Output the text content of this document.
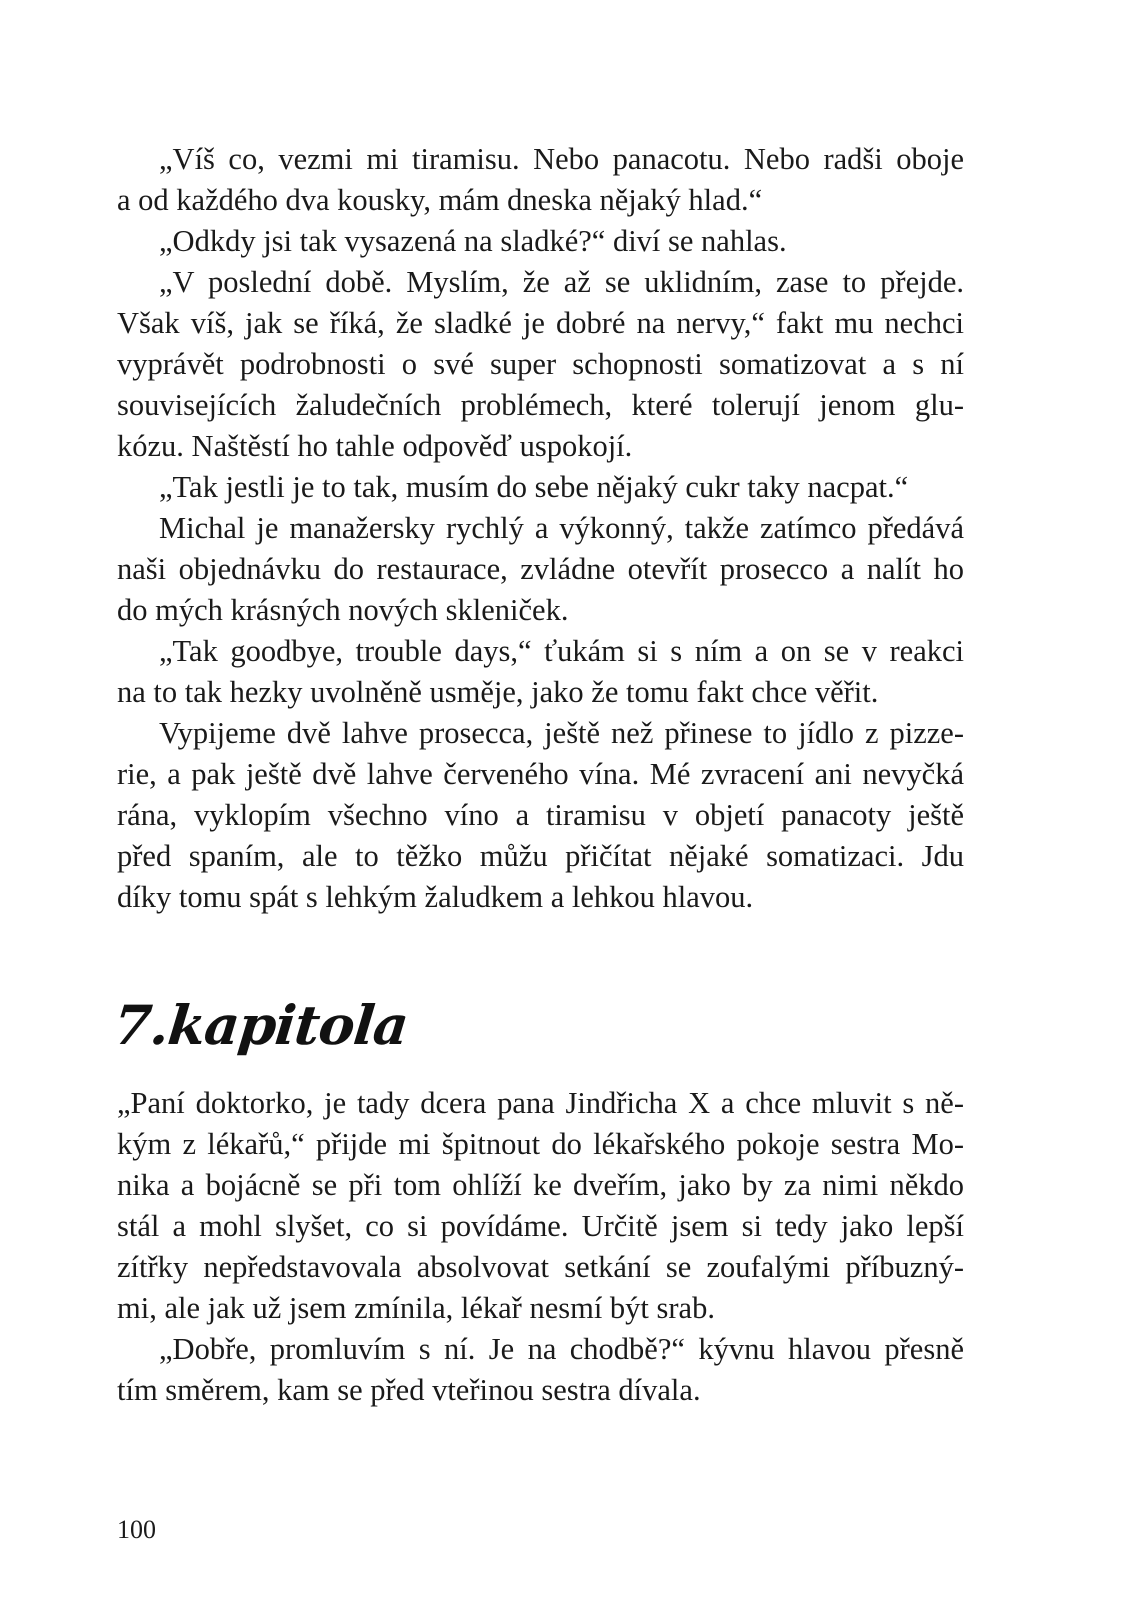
„Víš co, vezmi mi tiramisu. Nebo panacotu. Nebo radši oboje
a od každého dva kousky, mám dneska nějaký hlad.“
„Odkdy jsi tak vysazená na sladké?“ diví se nahlas.
„V poslední době. Myslím, že až se uklidním, zase to přejde.
Však víš, jak se říká, že sladké je dobré na nervy,“ fakt mu nechci
vyprávět podrobnosti o své super schopnosti somatizovat a s ní
souvisejících žaludečních problémech, které tolerují jenom glu-
kózu. Naštěstí ho tahle odpověď uspokojí.
„Tak jestli je to tak, musím do sebe nějaký cukr taky nacpat.“
Michal je manažersky rychlý a výkonný, takže zatímco předává
naši objednávku do restaurace, zvládne otevřít prosecco a nalít ho
do mých krásných nových skleniček.
„Tak goodbye, trouble days,“ ťukám si s ním a on se v reakci
na to tak hezky uvolněně usměje, jako že tomu fakt chce věřit.
Vypijeme dvě lahve prosecca, ještě než přinese to jídlo z pizze-
rie, a pak ještě dvě lahve červeného vína. Mé zvracení ani nevyčká
rána, vyklopím všechno víno a tiramisu v objetí panacoty ještě
před spaním, ale to těžko můžu přičítat nějaké somatizaci. Jdu
díky tomu spát s lehkým žaludkem a lehkou hlavou.
7.kapitola
„Paní doktorko, je tady dcera pana Jindřicha X a chce mluvit s ně-
kým z lékařů,“ přijde mi špitnout do lékařského pokoje sestra Mo-
nika a bojácně se při tom ohlíží ke dveřím, jako by za nimi někdo
stál a mohl slyšet, co si povídáme. Určitě jsem si tedy jako lepší
zítřky nepředstavovala absolvovat setkání se zoufalými příbuzný-
mi, ale jak už jsem zmínila, lékař nesmí být srab.
„Dobře, promluvím s ní. Je na chodbě?“ kývnu hlavou přesně
tím směrem, kam se před vteřinou sestra dívala.
100
